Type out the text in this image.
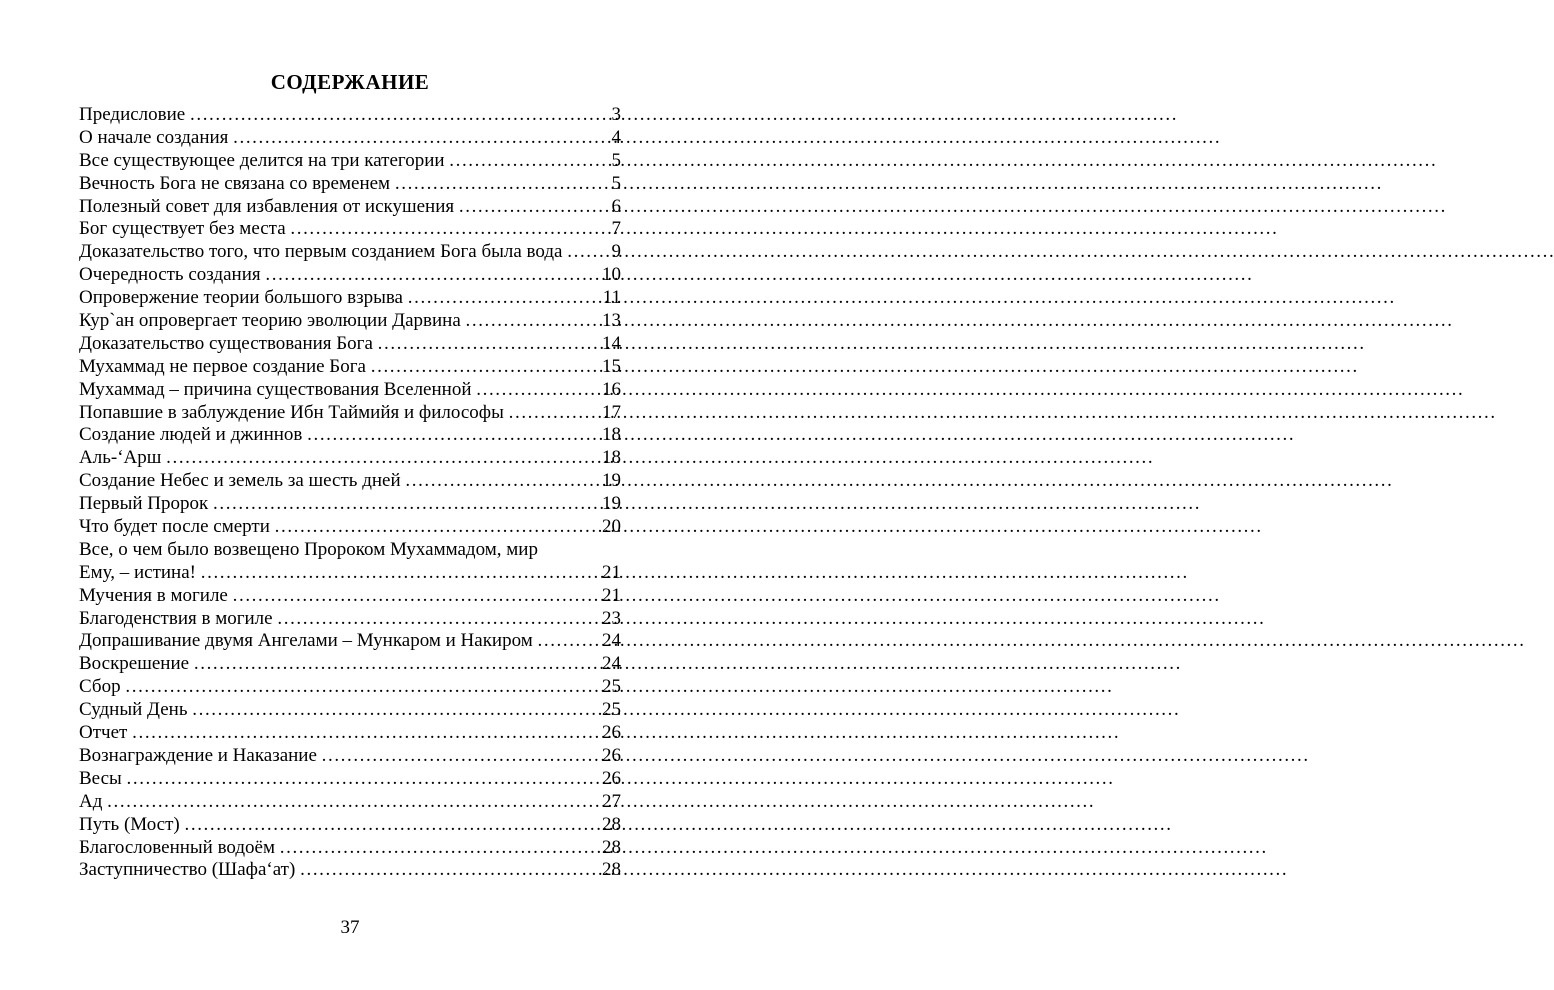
СОДЕРЖАНИЕ
Предисловие …………………………………………………………………………………………………………………………………………	3
О начале создания …………………………………………………………………………………………………………………………………………	4
Все существующее делится на три категории …………………………………………………………………………………………………………………………………………	5
Вечность Бога не связана со временем …………………………………………………………………………………………………………………………………………	5
Полезный совет для избавления от искушения …………………………………………………………………………………………………………………………………………	6
Бог существует без места …………………………………………………………………………………………………………………………………………	7
Доказательство того, что первым созданием Бога была вода …………………………………………………………………………………………………………………………………………	9
Очередность создания …………………………………………………………………………………………………………………………………………	10
Опровержение теории большого взрыва …………………………………………………………………………………………………………………………………………	11
Кур`ан опровергает теорию эволюции Дарвина …………………………………………………………………………………………………………………………………………	13
Доказательство существования Бога …………………………………………………………………………………………………………………………………………	14
Мухаммад не первое создание Бога …………………………………………………………………………………………………………………………………………	15
Мухаммад – причина существования Вселенной …………………………………………………………………………………………………………………………………………	16
Попавшие в заблуждение Ибн Таймийя и философы …………………………………………………………………………………………………………………………………………	17
Создание людей и джиннов …………………………………………………………………………………………………………………………………………	18
Аль-‘Арш …………………………………………………………………………………………………………………………………………	18
Создание Небес и земель за шесть дней …………………………………………………………………………………………………………………………………………	19
Первый Пророк …………………………………………………………………………………………………………………………………………	19
Что будет после смерти …………………………………………………………………………………………………………………………………………	20
Все, о чем было возвещено Пророком Мухаммадом, мир
Ему, – истина! …………………………………………………………………………………………………………………………………………	21
Мучения в могиле …………………………………………………………………………………………………………………………………………	21
Благоденствия в могиле …………………………………………………………………………………………………………………………………………	23
Допрашивание двумя Ангелами – Мункаром и Накиром …………………………………………………………………………………………………………………………………………	24
Воскрешение …………………………………………………………………………………………………………………………………………	24
Сбор …………………………………………………………………………………………………………………………………………	25
Судный День …………………………………………………………………………………………………………………………………………	25
Отчет …………………………………………………………………………………………………………………………………………	26
Вознаграждение и Наказание …………………………………………………………………………………………………………………………………………	26
Весы …………………………………………………………………………………………………………………………………………	26
Ад …………………………………………………………………………………………………………………………………………	27
Путь (Мост) …………………………………………………………………………………………………………………………………………	28
Благословенный водоём …………………………………………………………………………………………………………………………………………	28
Заступничество (Шафа‘ат) …………………………………………………………………………………………………………………………………………	28
37
